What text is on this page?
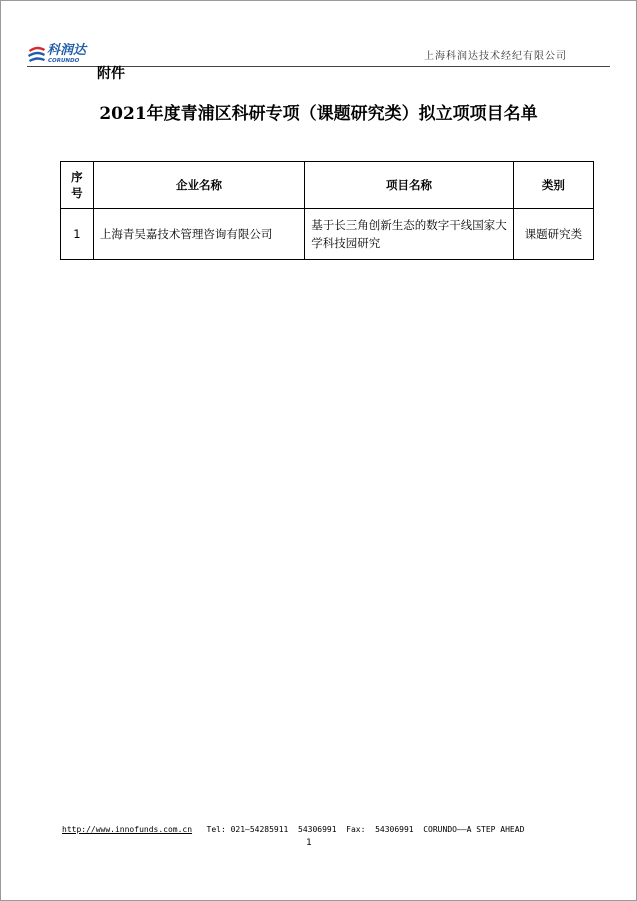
科润达
CORUNDO	上海科润达技术经纪有限公司
附件
2021年度青浦区科研专项（课题研究类）拟立项项目名单
序
号	企业名称	项目名称	类别
1	上海青吴嘉技术管理咨询有限公司	基于长三角创新生态的数字干线国家大学科技园研究	课题研究类
http://www.innofunds.com.cn   Tel: 021—54285911  54306991  Fax:  54306991  CORUNDO——A STEP AHEAD
1
